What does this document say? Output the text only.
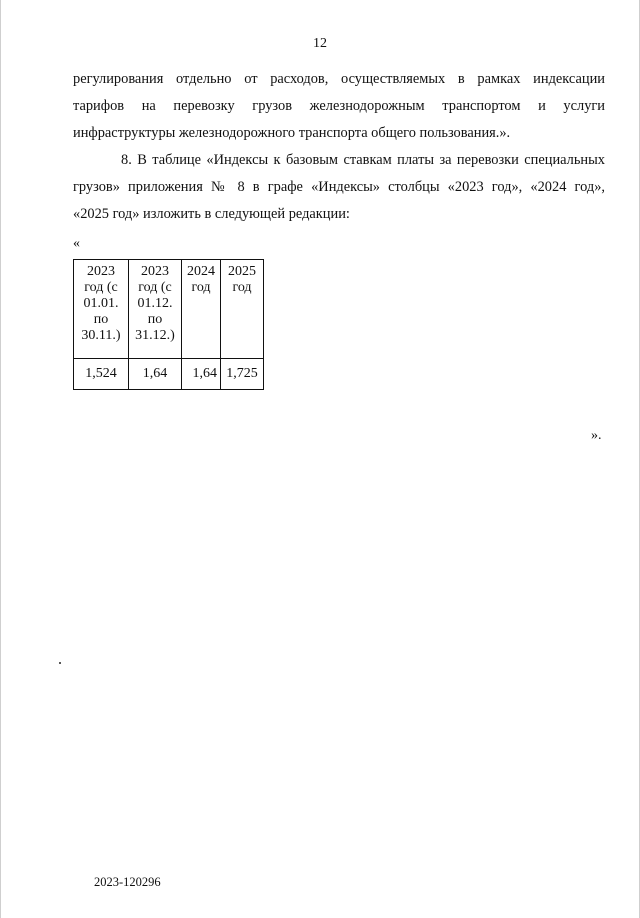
12

регулирования отдельно от расходов, осуществляемых в рамках индексации

тарифов на перевозку грузов железнодорожным транспортом и услуги

инфраструктуры железнодорожного транспорта общего пользования.».

8. В таблице «Индексы к базовым ставкам платы за перевозки специальных

грузов» приложения № 8 в графе «Индексы» столбцы «2023 год», «2024 год»,

«2025 год» изложить в следующей редакции:

«
2023 год (с 01.01. по 30.11.)	2023 год (с 01.12. по 31.12.)	2024 год	2025 год
1,524	1,64	1,64	1,725
».
2023-120296
